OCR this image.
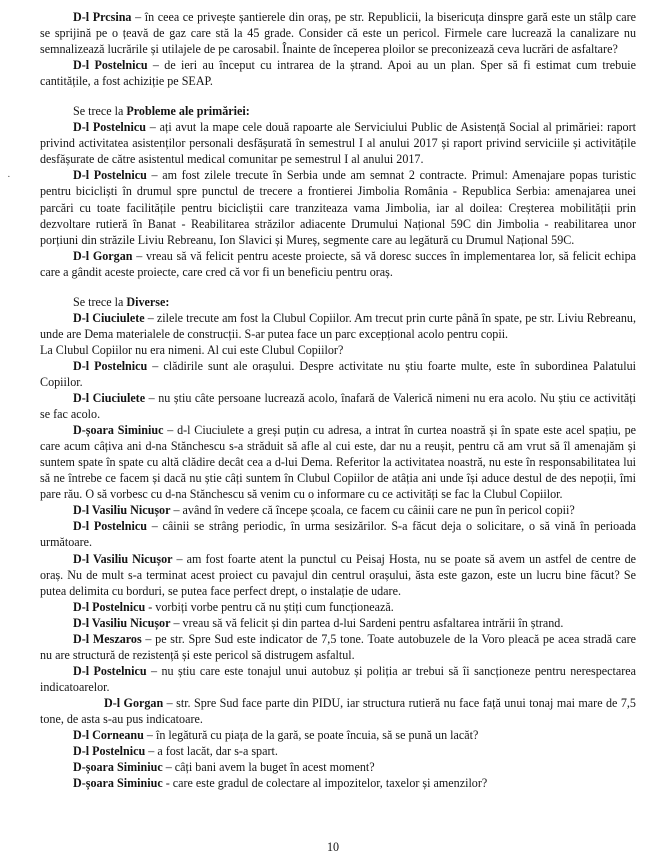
D-l Prcsina – în ceea ce privește șantierele din oraș, pe str. Republicii, la bisericuța dinspre gară este un stâlp care se sprijină pe o țeavă de gaz care stă la 45 grade. Consider că este un pericol. Firmele care lucrează la canalizare nu semnalizează lucrările și utilajele de pe carosabil. Înainte de începerea ploilor se preconizează ceva lucrări de asfaltare?

D-l Postelnicu – de ieri au început cu intrarea de la ștrand. Apoi au un plan. Sper să fi estimat cum trebuie cantitățile, a fost achiziție pe SEAP.

Se trece la Probleme ale primăriei:

D-l Postelnicu – ați avut la mape cele două rapoarte ale Serviciului Public de Asistență Social al primăriei: raport privind activitatea asistenților personali desfășurată în semestrul I al anului 2017 și raport privind serviciile și activitățile desfășurate de către asistentul medical comunitar pe semestrul I al anului 2017.

D-l Postelnicu – am fost zilele trecute în Serbia unde am semnat 2 contracte. Primul: Amenajare popas turistic pentru bicicliști în drumul spre punctul de trecere a frontierei Jimbolia România - Republica Serbia: amenajarea unei parcări cu toate facilitățile pentru bicicliștii care tranziteaza vama Jimbolia, iar al doilea: Creșterea mobilității prin dezvoltare rutieră în Banat - Reabilitarea străzilor adiacente Drumului Național 59C din Jimbolia - reabilitarea unor porțiuni din străzile Liviu Rebreanu, Ion Slavici și Mureș, segmente care au legătură cu Drumul Național 59C.

D-l Gorgan – vreau să vă felicit pentru aceste proiecte, să vă doresc succes în implementarea lor, să felicit echipa care a gândit aceste proiecte, care cred că vor fi un beneficiu pentru oraș.

Se trece la Diverse:

D-l Ciuciulete – zilele trecute am fost la Clubul Copiilor. Am trecut prin curte până în spate, pe str. Liviu Rebreanu, unde are Dema materialele de construcții. S-ar putea face un parc excepțional acolo pentru copii.

La Clubul Copiilor nu era nimeni. Al cui este Clubul Copiilor?

D-l Postelnicu – clădirile sunt ale orașului. Despre activitate nu știu foarte multe, este în subordinea Palatului Copiilor.

D-l Ciuciulete – nu știu câte persoane lucrează acolo, înafară de Valerică nimeni nu era acolo. Nu știu ce activități se fac acolo.

D-șoara Siminiuc – d-l Ciuciulete a greși puțin cu adresa, a intrat în curtea noastră și în spate este acel spațiu, pe care acum câțiva ani d-na Stănchescu s-a străduit să afle al cui este, dar nu a reușit, pentru că am vrut să îl amenajăm și suntem spate în spate cu altă clădire decât cea a d-lui Dema. Referitor la activitatea noastră, nu este în responsabilitatea lui să ne întrebe ce facem și dacă nu știe câți suntem în Clubul Copiilor de atâția ani unde își aduce destul de des nepoții, îmi pare rău. O să vorbesc cu d-na Stănchescu să venim cu o informare cu ce activități se fac la Clubul Copiilor.

D-l Vasiliu Nicușor – având în vedere că începe școala, ce facem cu câinii care ne pun în pericol copii?

D-l Postelnicu – câinii se strâng periodic, în urma sesizărilor. S-a făcut deja o solicitare, o să vină în perioada următoare.

D-l Vasiliu Nicușor – am fost foarte atent la punctul cu Peisaj Hosta, nu se poate să avem un astfel de centre de oraș. Nu de mult s-a terminat acest proiect cu pavajul din centrul orașului, ăsta este gazon, este un lucru bine făcut? Se putea delimita cu borduri, se putea face perfect drept, o instalație de udare.

D-l Postelnicu - vorbiți vorbe pentru că nu știți cum funcționează.

D-l Vasiliu Nicușor – vreau să vă felicit și din partea d-lui Sardeni pentru asfaltarea intrării în ștrand.

D-l Meszaros – pe str. Spre Sud este indicator de 7,5 tone. Toate autobuzele de la Voro pleacă pe acea stradă care nu are structură de rezistență și este pericol să distrugem asfaltul.

D-l Postelnicu – nu știu care este tonajul unui autobuz și poliția ar trebui să îi sancționeze pentru nerespectarea indicatoarelor.

D-l Gorgan – str. Spre Sud face parte din PIDU, iar structura rutieră nu face față unui tonaj mai mare de 7,5 tone, de asta s-au pus indicatoare.

D-l Corneanu – în legătură cu piața de la gară, se poate încuia, să se pună un lacăt?

D-l Postelnicu – a fost lacăt, dar s-a spart.

D-șoara Siminiuc – câți bani avem la buget în acest moment?

D-șoara Siminiuc - care este gradul de colectare al impozitelor, taxelor și amenzilor?

·
10
